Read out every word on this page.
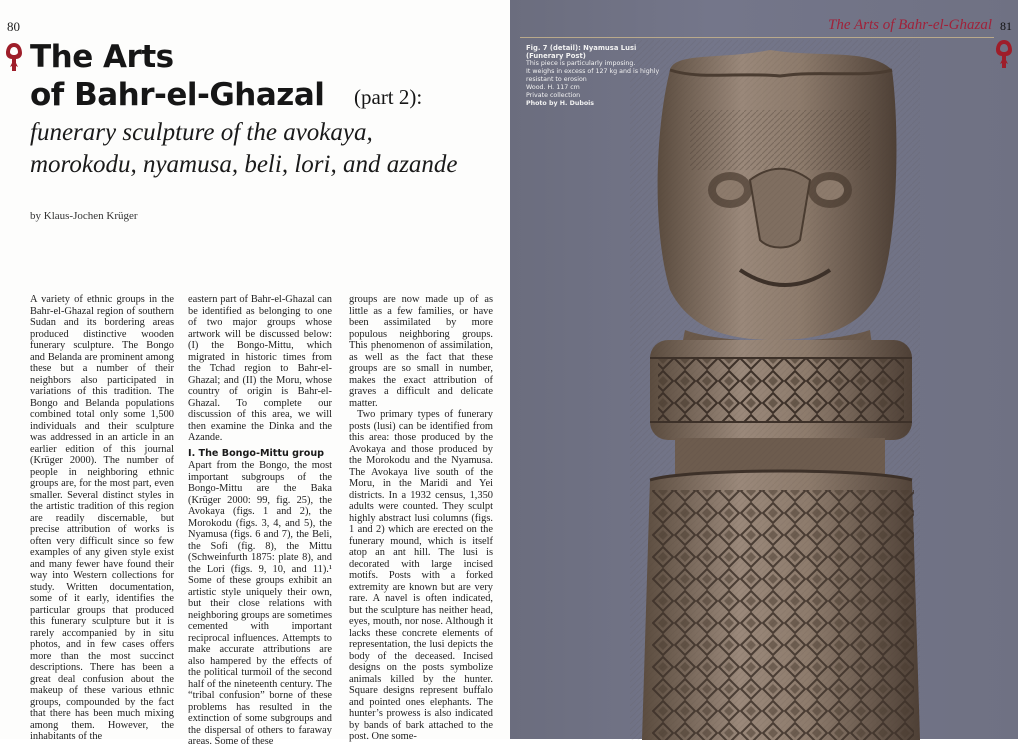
80
The Arts
of Bahr-el-Ghazal (part 2):
funerary sculpture of the avokaya,
morokodu, nyamusa, beli, lori, and azande
by Klaus-Jochen Krüger

A variety of ethnic groups in the Bahr-el-Ghazal region of southern Sudan and its bordering areas produced distinctive wooden funerary sculpture. The Bongo and Belanda are prominent among these but a number of their neighbors also participated in variations of this tradition. The Bongo and Belanda populations combined total only some 1,500 individuals and their sculpture was addressed in an article in an earlier edition of this journal (Krüger 2000). The number of people in neighboring ethnic groups are, for the most part, even smaller. Several distinct styles in the artistic tradition of this region are readily discernable, but precise attribution of works is often very difficult since so few examples of any given style exist and many fewer have found their way into Western collections for study. Written documentation, some of it early, identifies the particular groups that produced this funerary sculpture but it is rarely accompanied by in situ photos, and in few cases offers more than the most succinct descriptions. There has been a great deal confusion about the makeup of these various ethnic groups, compounded by the fact that there has been much mixing among them. However, the inhabitants of the

eastern part of Bahr-el-Ghazal can be identified as belonging to one of two major groups whose artwork will be discussed below: (I) the Bongo-Mittu, which migrated in historic times from the Tchad region to Bahr-el-Ghazal; and (II) the Moru, whose country of origin is Bahr-el-Ghazal. To complete our discussion of this area, we will then examine the Dinka and the Azande.

I. The Bongo-Mittu group

Apart from the Bongo, the most important subgroups of the Bongo-Mittu are the Baka (Krüger 2000: 99, fig. 25), the Avokaya (figs. 1 and 2), the Morokodu (figs. 3, 4, and 5), the Nyamusa (figs. 6 and 7), the Beli, the Sofi (fig. 8), the Mittu (Schweinfurth 1875: plate 8), and the Lori (figs. 9, 10, and 11).¹ Some of these groups exhibit an artistic style uniquely their own, but their close relations with neighboring groups are sometimes cemented with important reciprocal influences. Attempts to make accurate attributions are also hampered by the effects of the political turmoil of the second half of the nineteenth century. The “tribal confusion” borne of these problems has resulted in the extinction of some subgroups and the dispersal of others to faraway areas. Some of these

groups are now made up of as little as a few families, or have been assimilated by more populous neighboring groups. This phenomenon of assimilation, as well as the fact that these groups are so small in number, makes the exact attribution of graves a difficult and delicate matter.

Two primary types of funerary posts (lusi) can be identified from this area: those produced by the Avokaya and those produced by the Morokodu and the Nyamusa. The Avokaya live south of the Moru, in the Maridi and Yei districts. In a 1932 census, 1,350 adults were counted. They sculpt highly abstract lusi columns (figs. 1 and 2) which are erected on the funerary mound, which is itself atop an ant hill. The lusi is decorated with large incised motifs. Posts with a forked extremity are known but are very rare. A navel is often indicated, but the sculpture has neither head, eyes, mouth, nor nose. Although it lacks these concrete elements of representation, the lusi depicts the body of the deceased. Incised designs on the posts symbolize animals killed by the hunter. Square designs represent buffalo and pointed ones elephants. The hunter’s prowess is also indicated by bands of bark attached to the post. One some-

The Arts of Bahr-el-Ghazal 81

Fig. 7 (detail): Nyamusa Lusi (Funerary Post)

This piece is particularly imposing.

It weighs in excess of 127 kg and is highly resistant to erosion

Wood. H. 117 cm

Private collection

Photo by H. Dubois
